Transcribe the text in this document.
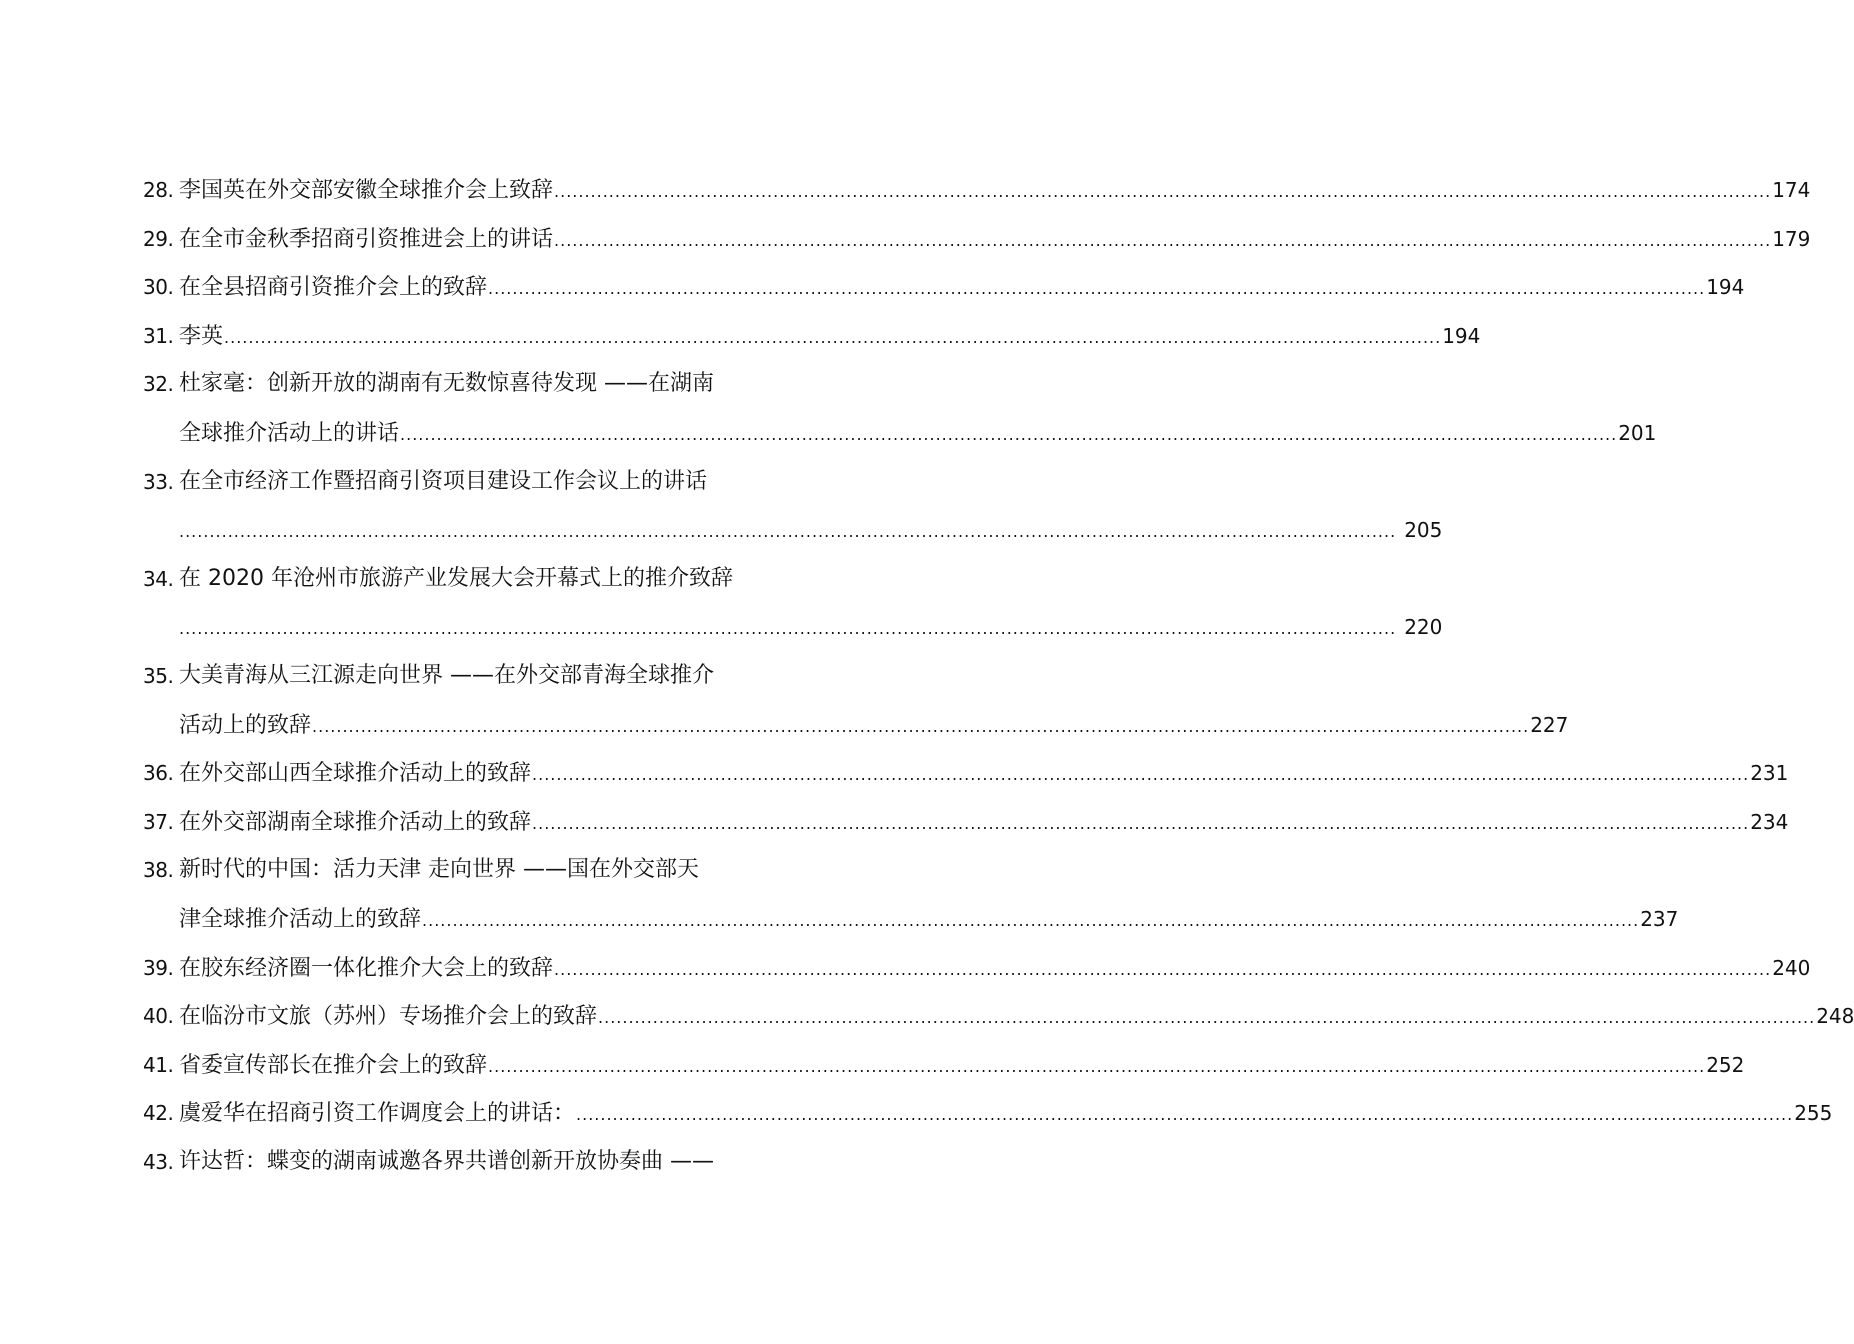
28. 李国英在外交部安徽全球推介会上致辞 ........................................................................................................................................................................................................ 174
29. 在全市金秋季招商引资推进会上的讲话 ........................................................................................................................................................................................................ 179
30. 在全县招商引资推介会上的致辞 ........................................................................................................................................................................................................ 194
31. 李英 ........................................................................................................................................................................................................ 194
32. 杜家毫：创新开放的湖南有无数惊喜待发现 ——在湖南
全球推介活动上的讲话 ........................................................................................................................................................................................................ 201
33. 在全市经济工作暨招商引资项目建设工作会议上的讲话
........................................................................................................................................................................................................ 205
34. 在 2020 年沧州市旅游产业发展大会开幕式上的推介致辞
........................................................................................................................................................................................................ 220
35. 大美青海从三江源走向世界 ——在外交部青海全球推介
活动上的致辞 ........................................................................................................................................................................................................ 227
36. 在外交部山西全球推介活动上的致辞 ........................................................................................................................................................................................................ 231
37. 在外交部湖南全球推介活动上的致辞 ........................................................................................................................................................................................................ 234
38. 新时代的中国：活力天津 走向世界 ——国在外交部天
津全球推介活动上的致辞 ........................................................................................................................................................................................................ 237
39. 在胶东经济圈一体化推介大会上的致辞 ........................................................................................................................................................................................................ 240
40. 在临汾市文旅（苏州）专场推介会上的致辞 ........................................................................................................................................................................................................ 248
41. 省委宣传部长在推介会上的致辞 ........................................................................................................................................................................................................ 252
42. 虞爱华在招商引资工作调度会上的讲话： ........................................................................................................................................................................................................ 255
43. 许达哲：蝶变的湖南诚邀各界共谱创新开放协奏曲 ——
